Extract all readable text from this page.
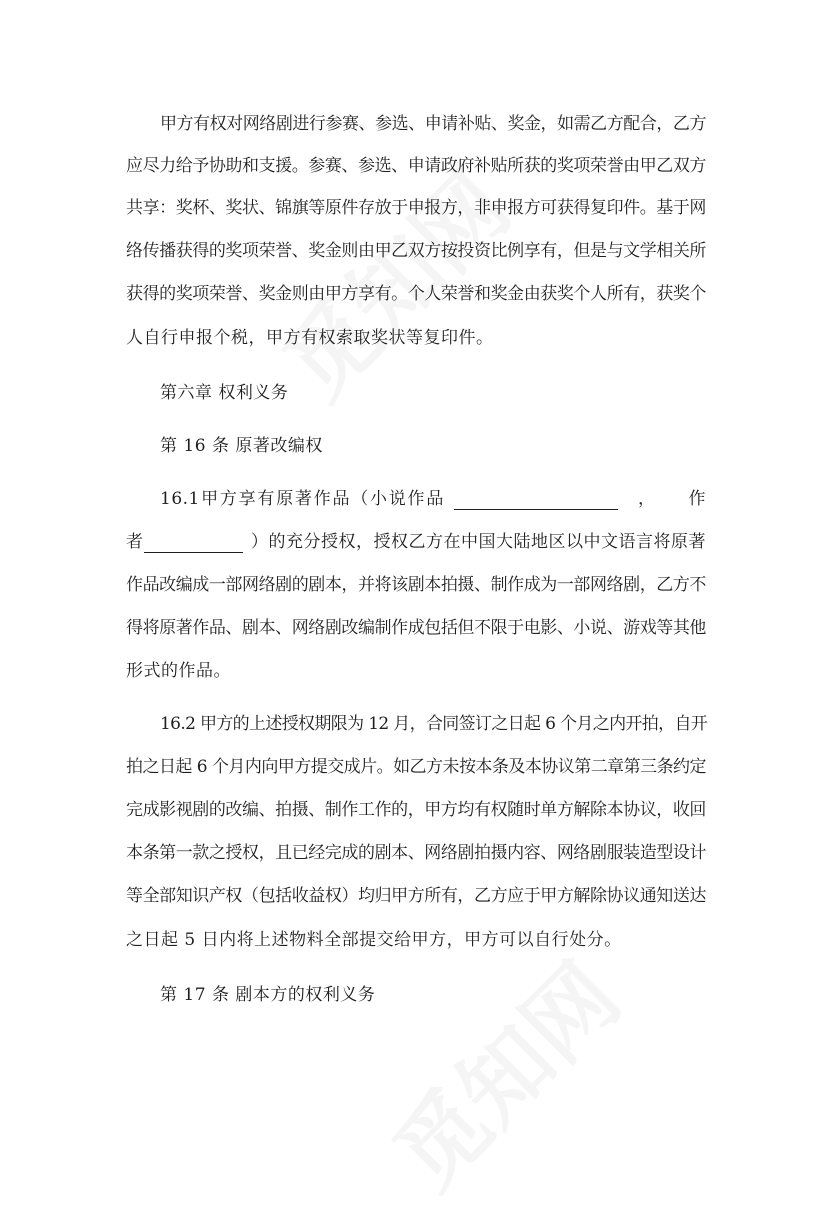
甲方有权对网络剧进行参赛、参选、申请补贴、奖金，如需乙方配合，乙方
应尽力给予协助和支援。参赛、参选、申请政府补贴所获的奖项荣誉由甲乙双方
共享：奖杯、奖状、锦旗等原件存放于申报方，非申报方可获得复印件。基于网
络传播获得的奖项荣誉、奖金则由甲乙双方按投资比例享有，但是与文学相关所
获得的奖项荣誉、奖金则由甲方享有。个人荣誉和奖金由获奖个人所有，获奖个
人自行申报个税，甲方有权索取奖状等复印件。
第六章 权利义务
第 16 条 原著改编权
16.1 甲 方 享 有 原 著 作 品 （ 小 说 作 品	， 作
者	）的充分授权，授权乙方在中国大陆地区以中文语言将原著
作品改编成一部网络剧的剧本，并将该剧本拍摄、制作成为一部网络剧，乙方不
得将原著作品、剧本、网络剧改编制作成包括但不限于电影、小说、游戏等其他
形式的作品。
16.2 甲方的上述授权期限为 12 月，合同签订之日起 6 个月之内开拍，自开
拍之日起 6 个月内向甲方提交成片。如乙方未按本条及本协议第二章第三条约定
完成影视剧的改编、拍摄、制作工作的，甲方均有权随时单方解除本协议，收回
本条第一款之授权，且已经完成的剧本、网络剧拍摄内容、网络剧服装造型设计
等全部知识产权（包括收益权）均归甲方所有，乙方应于甲方解除协议通知送达
之日起 5 日内将上述物料全部提交给甲方，甲方可以自行处分。
第 17 条 剧本方的权利义务
